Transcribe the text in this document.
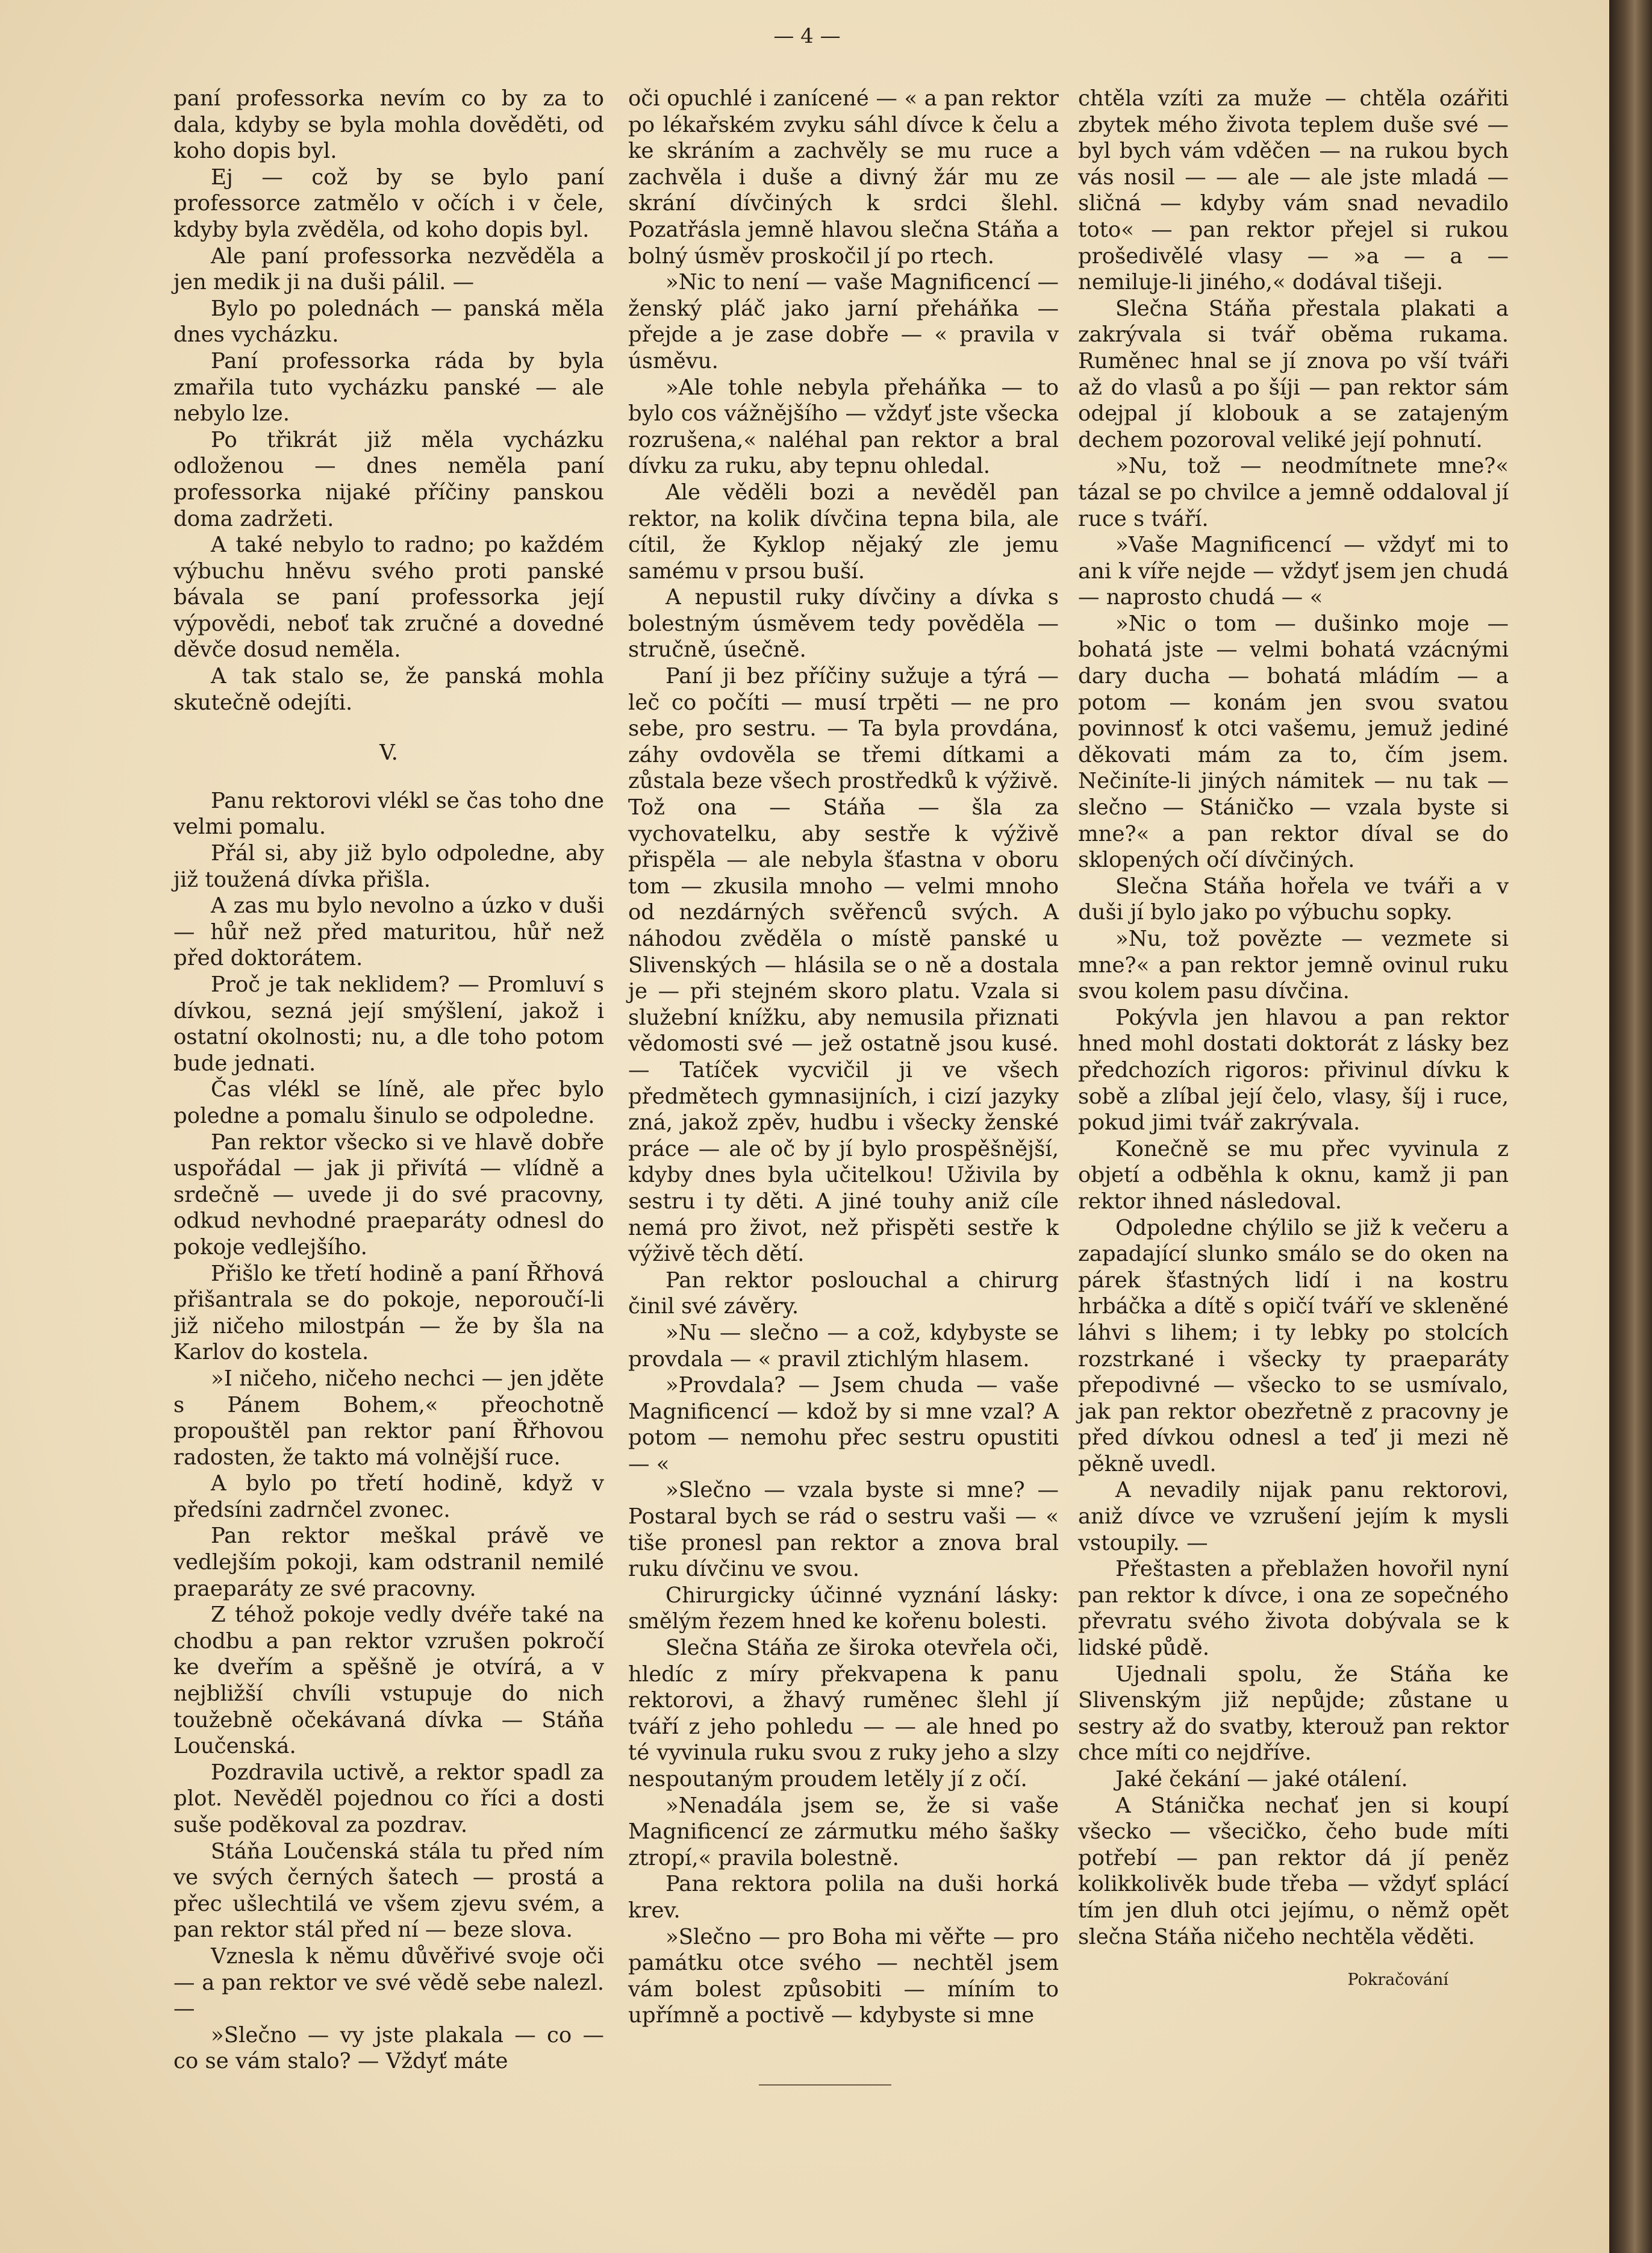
— 4 —

paní professorka nevím co by za to dala, kdyby se byla mohla dověděti, od koho dopis byl.

Ej — což by se bylo paní professorce zatmělo v očích i v čele, kdyby byla zvěděla, od koho dopis byl.

Ale paní professorka nezvěděla a jen medik ji na duši pálil. —

Bylo po polednách — panská měla dnes vycházku.

Paní professorka ráda by byla zmařila tuto vycházku panské — ale nebylo lze.

Po třikrát již měla vycházku odloženou — dnes neměla paní professorka nijaké příčiny panskou doma zadržeti.

A také nebylo to radno; po každém výbuchu hněvu svého proti panské bávala se paní professorka její výpovědi, neboť tak zručné a dovedné děvče dosud neměla.

A tak stalo se, že panská mohla skutečně odejíti.

V.

Panu rektorovi vlékl se čas toho dne velmi pomalu.

Přál si, aby již bylo odpoledne, aby již toužená dívka přišla.

A zas mu bylo nevolno a úzko v duši — hůř než před maturitou, hůř než před doktorátem.

Proč je tak neklidem? — Promluví s dívkou, sezná její smýšlení, jakož i ostatní okolnosti; nu, a dle toho potom bude jednati.

Čas vlékl se líně, ale přec bylo poledne a pomalu šinulo se odpoledne.

Pan rektor všecko si ve hlavě dobře uspořádal — jak ji přivítá — vlídně a srdečně — uvede ji do své pracovny, odkud nevhodné praeparáty odnesl do pokoje vedlejšího.

Přišlo ke třetí hodině a paní Řřhová přišantrala se do pokoje, neporoučí-li již ničeho milostpán — že by šla na Karlov do kostela.

»I ničeho, ničeho nechci — jen jděte s Pánem Bohem,« přeochotně propouštěl pan rektor paní Řřhovou radosten, že takto má volnější ruce.

A bylo po třetí hodině, když v předsíni zadrnčel zvonec.

Pan rektor meškal právě ve vedlejším pokoji, kam odstranil nemilé praeparáty ze své pracovny.

Z téhož pokoje vedly dvéře také na chodbu a pan rektor vzrušen pokročí ke dveřím a spěšně je otvírá, a v nejbližší chvíli vstupuje do nich toužebně očekávaná dívka — Stáňa Loučenská.

Pozdravila uctivě, a rektor spadl za plot. Nevěděl pojednou co říci a dosti suše poděkoval za pozdrav.

Stáňa Loučenská stála tu před ním ve svých černých šatech — prostá a přec ušlechtilá ve všem zjevu svém, a pan rektor stál před ní — beze slova.

Vznesla k němu důvěřivé svoje oči — a pan rektor ve své vědě sebe nalezl. —

»Slečno — vy jste plakala — co — co se vám stalo? — Vždyť máte

oči opuchlé i zanícené — « a pan rektor po lékařském zvyku sáhl dívce k čelu a ke skráním a zachvěly se mu ruce a zachvěla i duše a divný žár mu ze skrání dívčiných k srdci šlehl. Pozatřásla jemně hlavou slečna Stáňa a bolný úsměv proskočil jí po rtech.

»Nic to není — vaše Magnificencí — ženský pláč jako jarní přeháňka — přejde a je zase dobře — « pravila v úsměvu.

»Ale tohle nebyla přeháňka — to bylo cos vážnějšího — vždyť jste všecka rozrušena,« naléhal pan rektor a bral dívku za ruku, aby tepnu ohledal.

Ale věděli bozi a nevěděl pan rektor, na kolik dívčina tepna bila, ale cítil, že Kyklop nějaký zle jemu samému v prsou buší.

A nepustil ruky dívčiny a dívka s bolestným úsměvem tedy pověděla — stručně, úsečně.

Paní ji bez příčiny sužuje a týrá — leč co počíti — musí trpěti — ne pro sebe, pro sestru. — Ta byla provdána, záhy ovdověla se třemi dítkami a zůstala beze všech prostředků k výživě. Tož ona — Stáňa — šla za vychovatelku, aby sestře k výživě přispěla — ale nebyla šťastna v oboru tom — zkusila mnoho — velmi mnoho od nezdárných svěřenců svých. A náhodou zvěděla o místě panské u Slivenských — hlásila se o ně a dostala je — při stejném skoro platu. Vzala si služební knížku, aby nemusila přiznati vědomosti své — jež ostatně jsou kusé. — Tatíček vycvičil ji ve všech předmětech gymnasijních, i cizí jazyky zná, jakož zpěv, hudbu i všecky ženské práce — ale oč by jí bylo prospěšnější, kdyby dnes byla učitelkou! Uživila by sestru i ty děti. A jiné touhy aniž cíle nemá pro život, než přispěti sestře k výživě těch dětí.

Pan rektor poslouchal a chirurg činil své závěry.

»Nu — slečno — a což, kdybyste se provdala — « pravil ztichlým hlasem.

»Provdala? — Jsem chuda — vaše Magnificencí — kdož by si mne vzal? A potom — nemohu přec sestru opustiti — «

»Slečno — vzala byste si mne? — Postaral bych se rád o sestru vaši — « tiše pronesl pan rektor a znova bral ruku dívčinu ve svou.

Chirurgicky účinné vyznání lásky: smělým řezem hned ke kořenu bolesti.

Slečna Stáňa ze široka otevřela oči, hledíc z míry překvapena k panu rektorovi, a žhavý ruměnec šlehl jí tváří z jeho pohledu — — ale hned po té vyvinula ruku svou z ruky jeho a slzy nespoutaným proudem letěly jí z očí.

»Nenadála jsem se, že si vaše Magnificencí ze zármutku mého šašky ztropí,« pravila bolestně.

Pana rektora polila na duši horká krev.

»Slečno — pro Boha mi věřte — pro památku otce svého — nechtěl jsem vám bolest způsobiti — míním to upřímně a poctivě — kdybyste si mne

chtěla vzíti za muže — chtěla ozářiti zbytek mého života teplem duše své — byl bych vám vděčen — na rukou bych vás nosil — — ale — ale jste mladá — sličná — kdyby vám snad nevadilo toto« — pan rektor přejel si rukou prošedivělé vlasy — »a — a — nemiluje-li jiného,« dodával tišeji.

Slečna Stáňa přestala plakati a zakrývala si tvář oběma rukama. Ruměnec hnal se jí znova po vší tváři až do vlasů a po šíji — pan rektor sám odejpal jí klobouk a se zatajeným dechem pozoroval veliké její pohnutí.

»Nu, tož — neodmítnete mne?« tázal se po chvilce a jemně oddaloval jí ruce s tváří.

»Vaše Magnificencí — vždyť mi to ani k víře nejde — vždyť jsem jen chudá — naprosto chudá — «

»Nic o tom — dušinko moje — bohatá jste — velmi bohatá vzácnými dary ducha — bohatá mládím — a potom — konám jen svou svatou povinnosť k otci vašemu, jemuž jediné děkovati mám za to, čím jsem. Nečiníte-li jiných námitek — nu tak — slečno — Stáničko — vzala byste si mne?« a pan rektor díval se do sklopených očí dívčiných.

Slečna Stáňa hořela ve tváři a v duši jí bylo jako po výbuchu sopky.

»Nu, tož povězte — vezmete si mne?« a pan rektor jemně ovinul ruku svou kolem pasu dívčina.

Pokývla jen hlavou a pan rektor hned mohl dostati doktorát z lásky bez předchozích rigoros: přivinul dívku k sobě a zlíbal její čelo, vlasy, šíj i ruce, pokud jimi tvář zakrývala.

Konečně se mu přec vyvinula z objetí a odběhla k oknu, kamž ji pan rektor ihned následoval.

Odpoledne chýlilo se již k večeru a zapadající slunko smálo se do oken na párek šťastných lidí i na kostru hrbáčka a dítě s opičí tváří ve skleněné láhvi s lihem; i ty lebky po stolcích rozstrkané i všecky ty praeparáty přepodivné — všecko to se usmívalo, jak pan rektor obezřetně z pracovny je před dívkou odnesl a teď ji mezi ně pěkně uvedl.

A nevadily nijak panu rektorovi, aniž dívce ve vzrušení jejím k mysli vstoupily. —

Přeštasten a přeblažen hovořil nyní pan rektor k dívce, i ona ze sopečného převratu svého života dobývala se k lidské půdě.

Ujednali spolu, že Stáňa ke Slivenským již nepůjde; zůstane u sestry až do svatby, kterouž pan rektor chce míti co nejdříve.

Jaké čekání — jaké otálení.

A Stánička nechať jen si koupí všecko — všecičko, čeho bude míti potřebí — pan rektor dá jí peněz kolikkolivěk bude třeba — vždyť splácí tím jen dluh otci jejímu, o němž opět slečna Stáňa ničeho nechtěla věděti.

Pokračování
